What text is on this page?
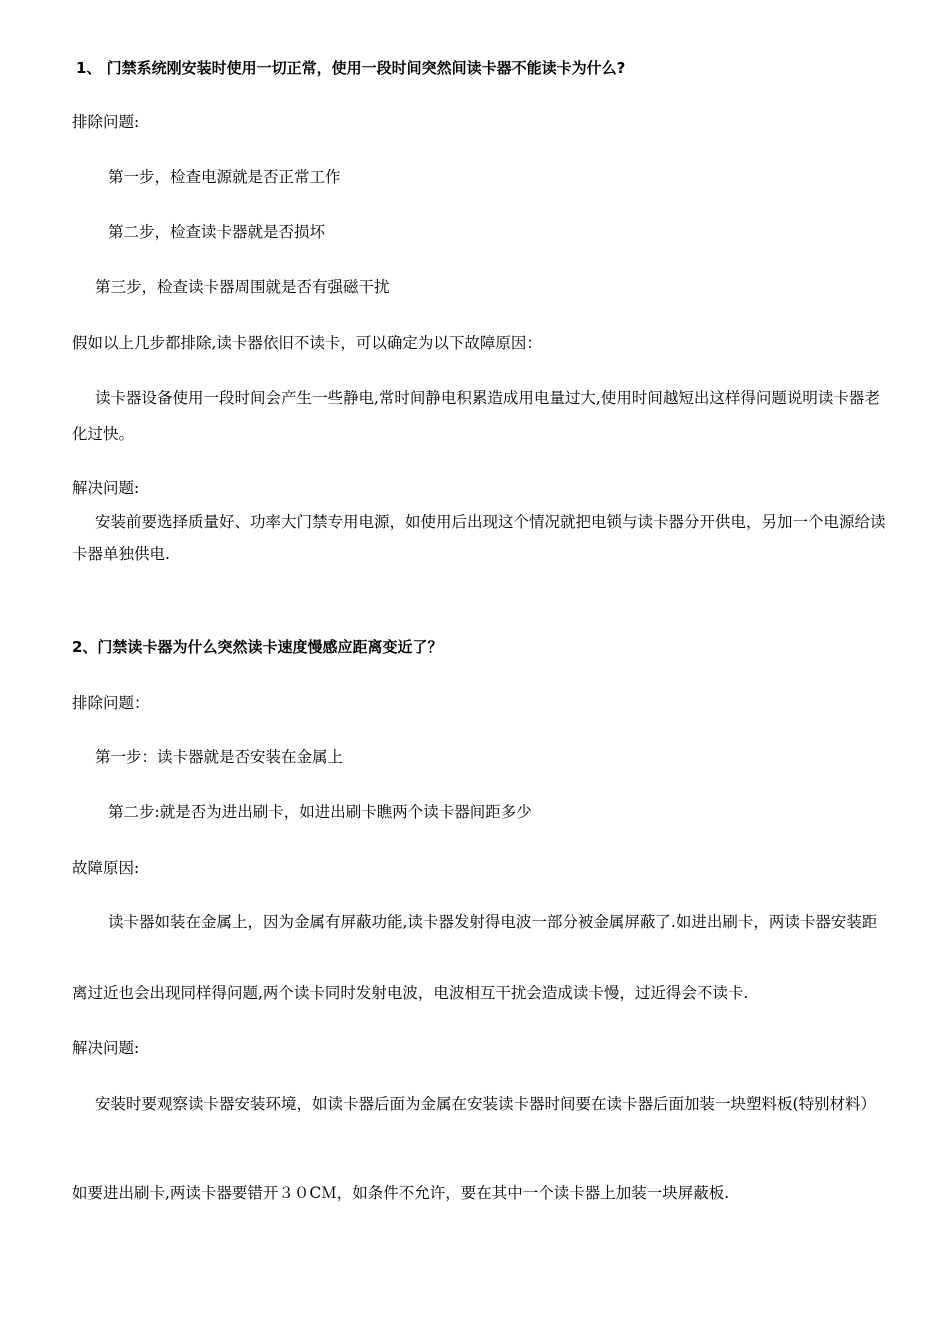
1、 门禁系统刚安装时使用一切正常，使用一段时间突然间读卡器不能读卡为什么?
排除问题:
第一步，检查电源就是否正常工作
第二步，检查读卡器就是否损坏
第三步，检查读卡器周围就是否有强磁干扰
假如以上几步都排除,读卡器依旧不读卡，可以确定为以下故障原因：
读卡器设备使用一段时间会产生一些静电,常时间静电积累造成用电量过大,使用时间越短出这样得问题说明读卡器老化过快。
解决问题:
安装前要选择质量好、功率大门禁专用电源，如使用后出现这个情况就把电锁与读卡器分开供电，另加一个电源给读卡器单独供电.
2、门禁读卡器为什么突然读卡速度慢感应距离变近了？
排除问题：
第一步：读卡器就是否安装在金属上
第二步:就是否为进出刷卡，如进出刷卡瞧两个读卡器间距多少
故障原因:
读卡器如装在金属上，因为金属有屏蔽功能,读卡器发射得电波一部分被金属屏蔽了.如进出刷卡，两读卡器安装距
离过近也会出现同样得问题,两个读卡同时发射电波，电波相互干扰会造成读卡慢，过近得会不读卡.
解决问题:
安装时要观察读卡器安装环境，如读卡器后面为金属在安装读卡器时间要在读卡器后面加装一块塑料板(特别材料）
如要进出刷卡,两读卡器要错开３０CＭ，如条件不允许，要在其中一个读卡器上加装一块屏蔽板.
